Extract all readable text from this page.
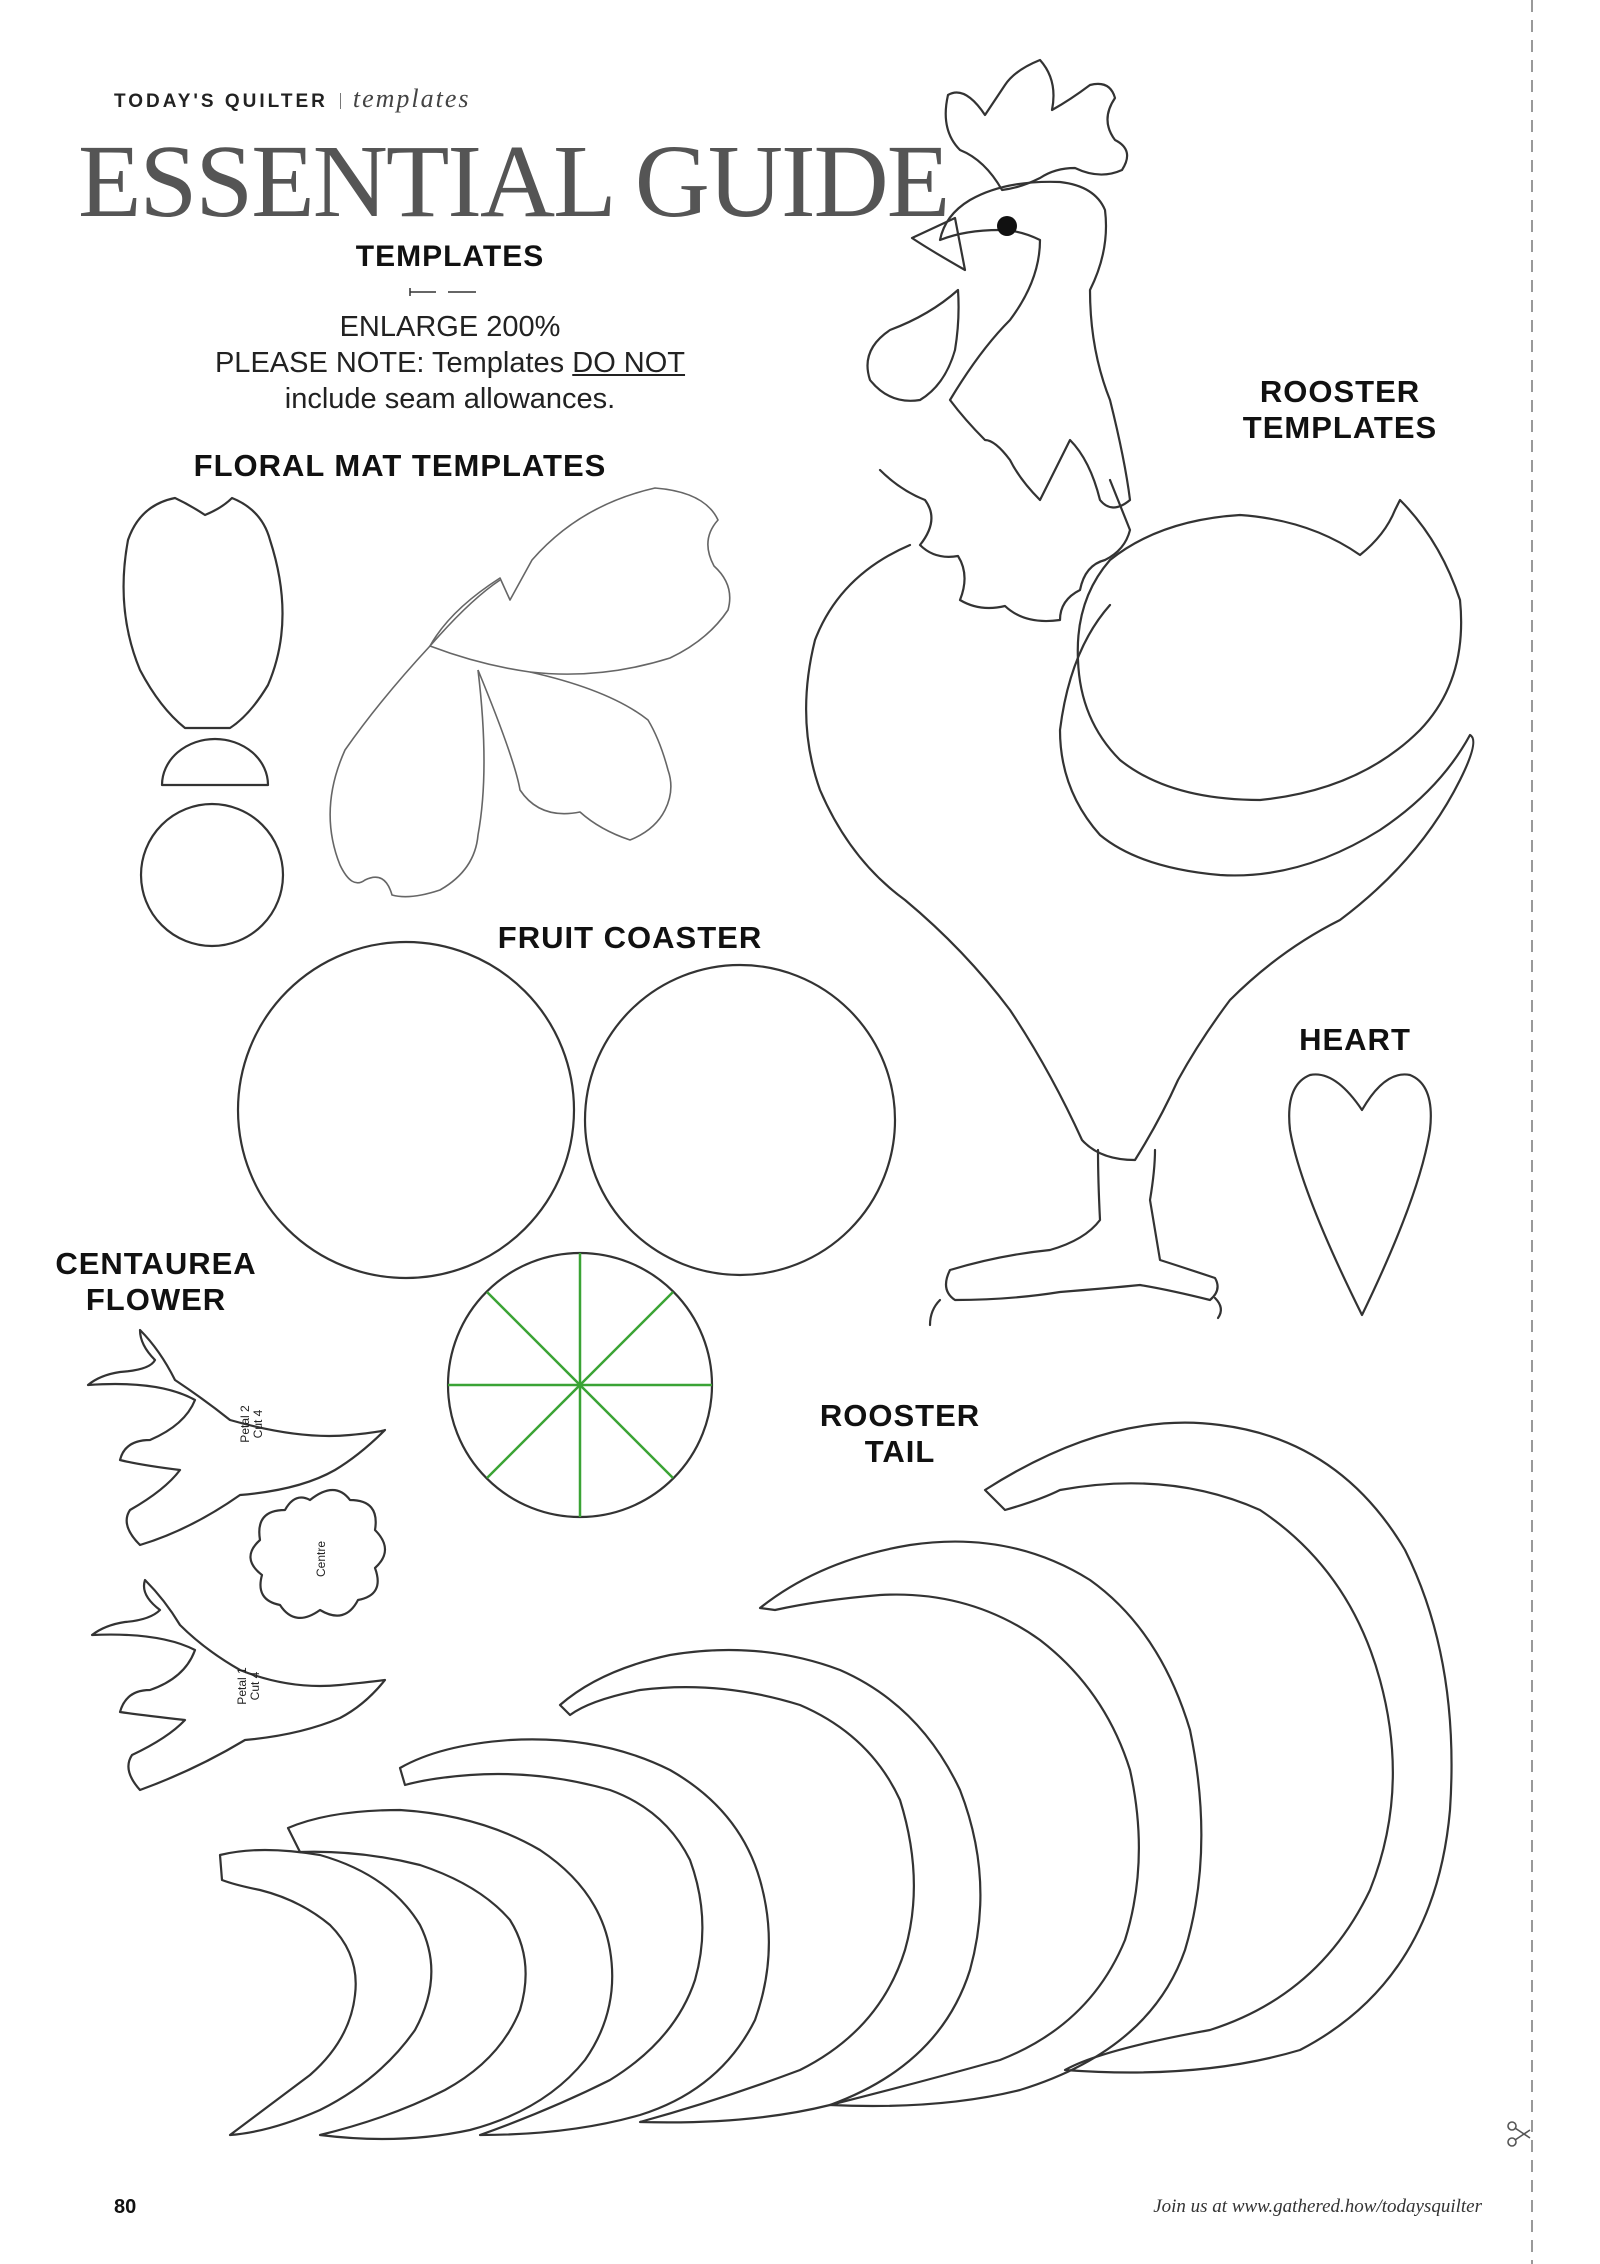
TODAY'S QUILTER templates
ESSENTIAL GUIDE
TEMPLATES
ENLARGE 200%
PLEASE NOTE: Templates DO NOT
include seam allowances.
FLORAL MAT TEMPLATES
ROOSTER
TEMPLATES
FRUIT COASTER
HEART
CENTAUREA
FLOWER
ROOSTER
TAIL
Petal 2 Cut 4
Centre
Petal 1 Cut 4
80	Join us at www.gathered.how/todaysquilter
